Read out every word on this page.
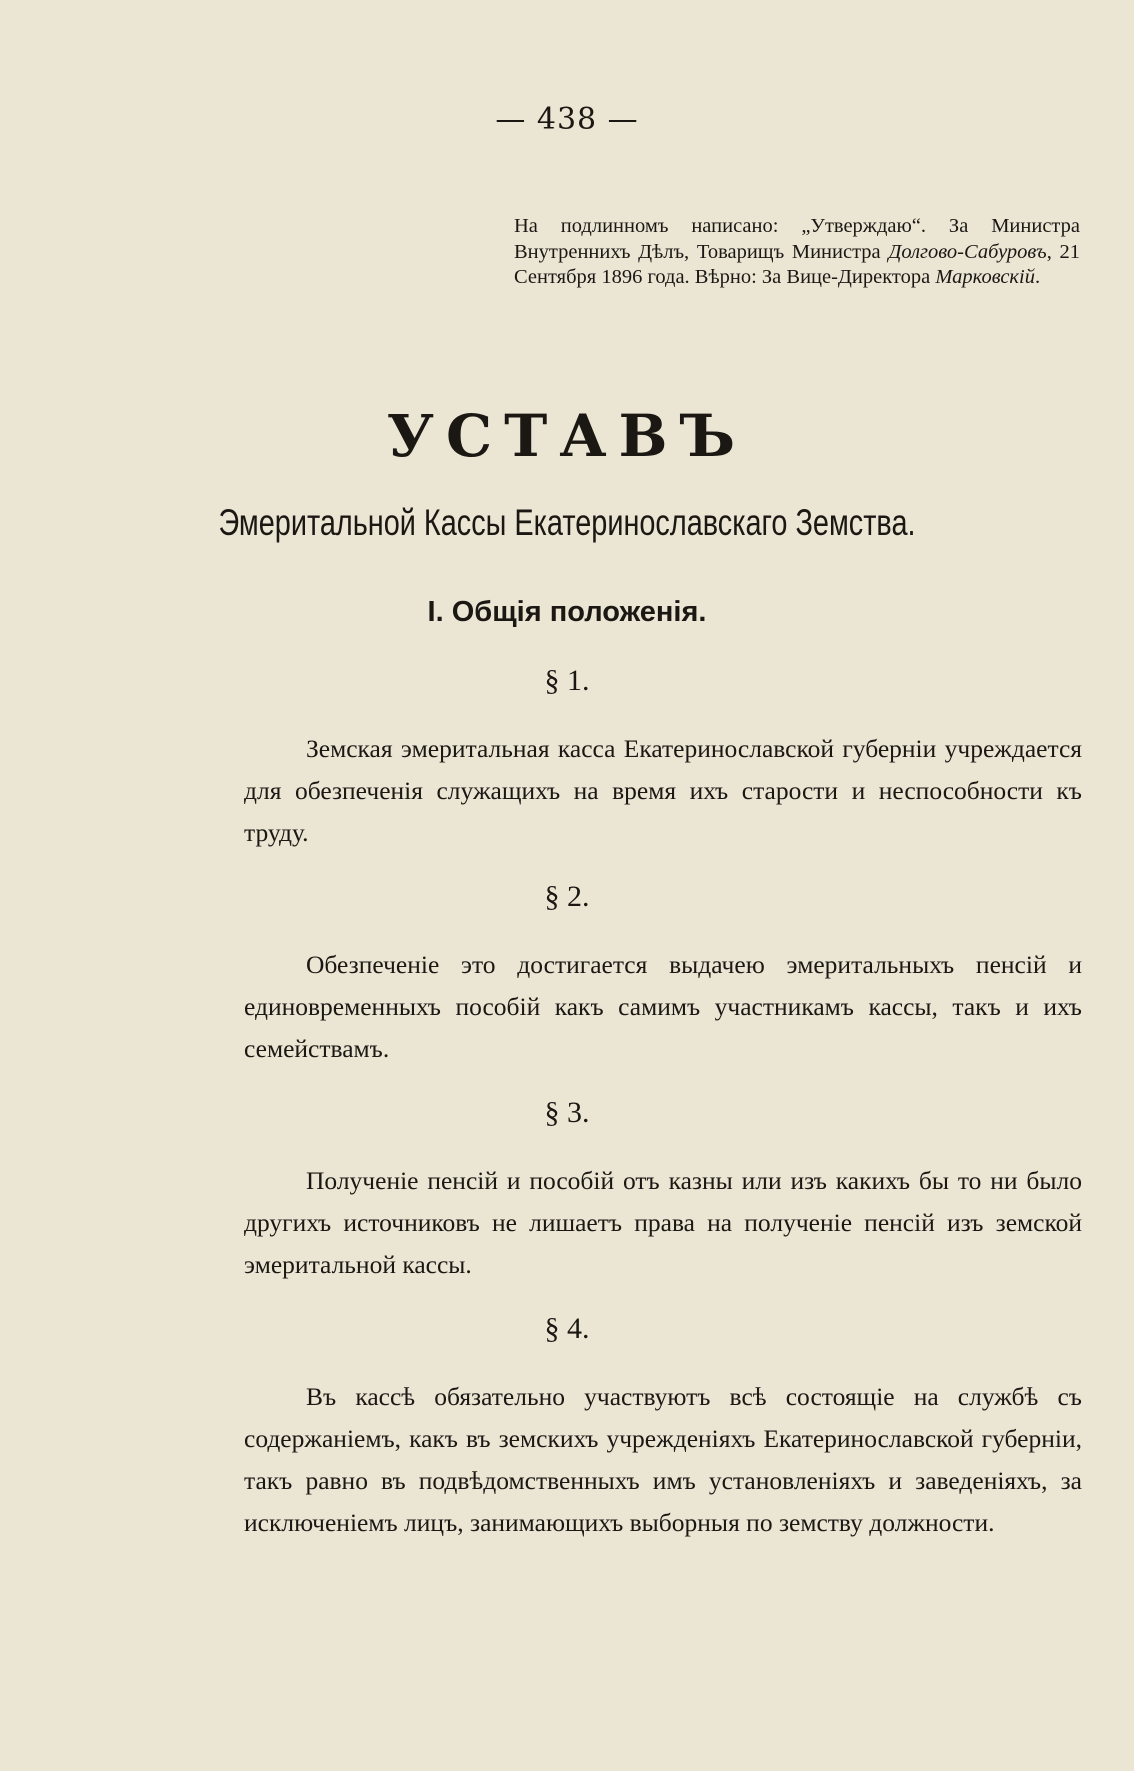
— 438 —
На подлинномъ написано: „Утверждаю“. За Министра Внутреннихъ Дѣлъ, Товарищъ Министра Долгово-Сабуровъ, 21 Сентября 1896 года. Вѣрно: За Вице-Директора Марковскій.
УСТАВЪ
Эмеритальной Кассы Екатеринославскаго Земства.
I. Общія положенія.
§ 1.
Земская эмеритальная касса Екатеринославской губерніи учреждается для обезпеченія служащихъ на время ихъ старости и неспособности къ труду.
§ 2.
Обезпеченіе это достигается выдачею эмеритальныхъ пенсій и единовременныхъ пособій какъ самимъ участникамъ кассы, такъ и ихъ семействамъ.
§ 3.
Полученіе пенсій и пособій отъ казны или изъ какихъ бы то ни было другихъ источниковъ не лишаетъ права на полученіе пенсій изъ земской эмеритальной кассы.
§ 4.
Въ кассѣ обязательно участвуютъ всѣ состоящіе на службѣ съ содержаніемъ, какъ въ земскихъ учрежденіяхъ Екатеринославской губерніи, такъ равно въ подвѣдомственныхъ имъ установленіяхъ и заведеніяхъ, за исключеніемъ лицъ, занимающихъ выборныя по земству должности.
